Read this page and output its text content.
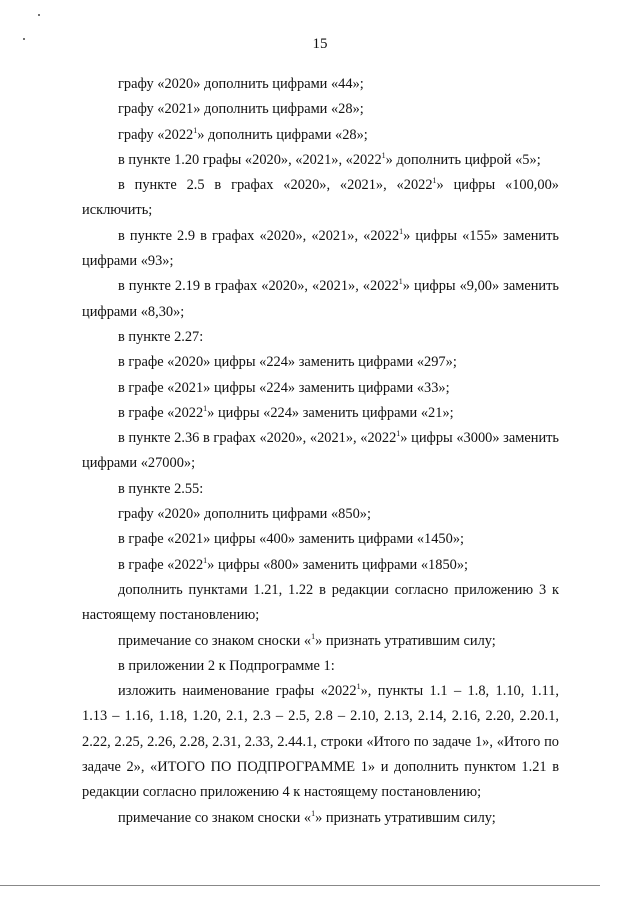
15

графу «2020» дополнить цифрами «44»;

графу «2021» дополнить цифрами «28»;

графу «2022$^1$» дополнить цифрами «28»;

в пункте 1.20 графы «2020», «2021», «2022$^1$» дополнить цифрой «5»;

в пункте 2.5 в графах «2020», «2021», «2022$^1$» цифры «100,00» исключить;

в пункте 2.9 в графах «2020», «2021», «2022$^1$» цифры «155» заменить цифрами «93»;

в пункте 2.19 в графах «2020», «2021», «2022$^1$» цифры «9,00» заменить цифрами «8,30»;

в пункте 2.27:

в графе «2020» цифры «224» заменить цифрами «297»;

в графе «2021» цифры «224» заменить цифрами «33»;

в графе «2022$^1$» цифры «224» заменить цифрами «21»;

в пункте 2.36 в графах «2020», «2021», «2022$^1$» цифры «3000» заменить цифрами «27000»;

в пункте 2.55:

графу «2020» дополнить цифрами «850»;

в графе «2021» цифры «400» заменить цифрами «1450»;

в графе «2022$^1$» цифры «800» заменить цифрами «1850»;

дополнить пунктами 1.21, 1.22 в редакции согласно приложению 3 к настоящему постановлению;

примечание со знаком сноски «$^1$» признать утратившим силу;

в приложении 2 к Подпрограмме 1:

изложить наименование графы «2022$^1$», пункты 1.1 – 1.8, 1.10, 1.11, 1.13 – 1.16, 1.18, 1.20, 2.1, 2.3 – 2.5, 2.8 – 2.10, 2.13, 2.14, 2.16, 2.20, 2.20.1, 2.22, 2.25, 2.26, 2.28, 2.31, 2.33, 2.44.1, строки «Итого по задаче 1», «Итого по задаче 2», «ИТОГО ПО ПОДПРОГРАММЕ 1» и дополнить пунктом 1.21 в редакции согласно приложению 4 к настоящему постановлению;

примечание со знаком сноски «$^1$» признать утратившим силу;
